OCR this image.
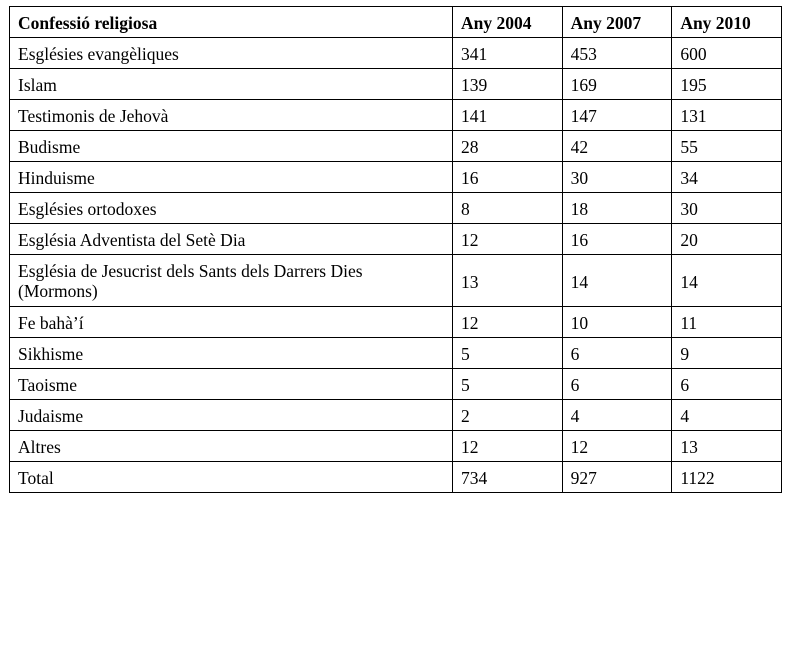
Confessió religiosa	Any 2004	Any 2007	Any 2010
Esglésies evangèliques	341	453	600
Islam	139	169	195
Testimonis de Jehovà	141	147	131
Budisme	28	42	55
Hinduisme	16	30	34
Esglésies ortodoxes	8	18	30
Església Adventista del Setè Dia	12	16	20
Església de Jesucrist dels Sants dels Darrers Dies (Mormons)	13	14	14
Fe bahà’í	12	10	11
Sikhisme	5	6	9
Taoisme	5	6	6
Judaisme	2	4	4
Altres	12	12	13
Total	734	927	1122
